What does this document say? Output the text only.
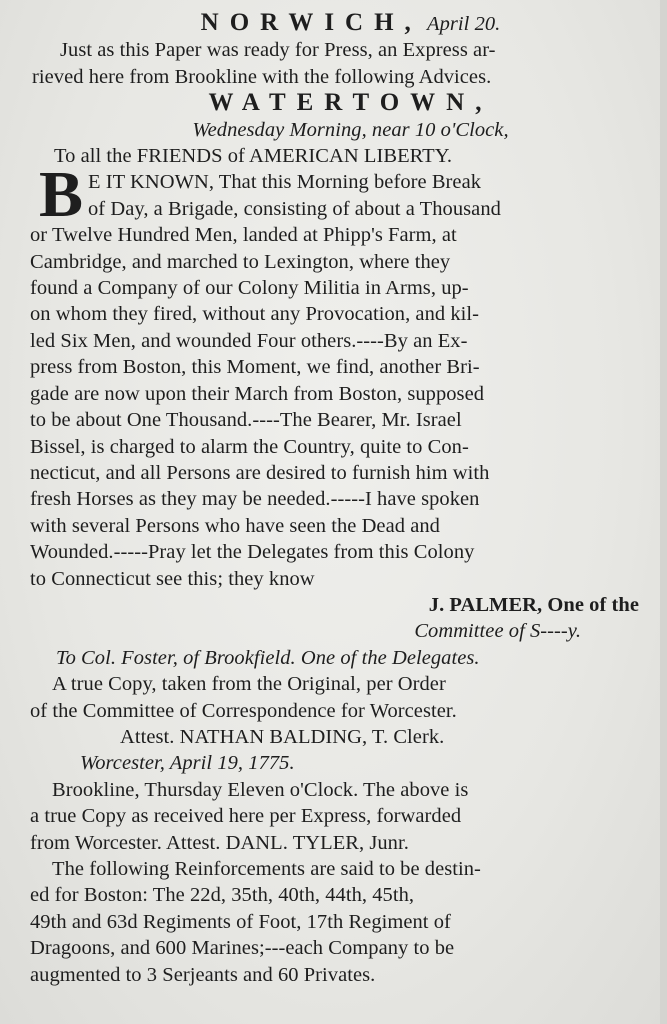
NORWICH, April 20.
Just as this Paper was ready for Press, an Express ar-
rieved here from Brookline with the following Advices.
WATERTOWN,
Wednesday Morning, near 10 o'Clock,
To all the FRIENDS of AMERICAN LIBERTY.
B E IT KNOWN, That this Morning before Break
of Day, a Brigade, consisting of about a Thousand
or Twelve Hundred Men, landed at Phipp's Farm, at
Cambridge, and marched to Lexington, where they
found a Company of our Colony Militia in Arms, up-
on whom they fired, without any Provocation, and kil-
led Six Men, and wounded Four others.----By an Ex-
press from Boston, this Moment, we find, another Bri-
gade are now upon their March from Boston, supposed
to be about One Thousand.----The Bearer, Mr. Israel
Bissel, is charged to alarm the Country, quite to Con-
necticut, and all Persons are desired to furnish him with
fresh Horses as they may be needed.-----I have spoken
with several Persons who have seen the Dead and
Wounded.-----Pray let the Delegates from this Colony
to Connecticut see this; they know
J. PALMER, One of the
Committee of S----y.
To Col. Foster, of Brookfield. One of the Delegates.
A true Copy, taken from the Original, per Order
of the Committee of Correspondence for Worcester.
Attest. NATHAN BALDING, T. Clerk.
Worcester, April 19, 1775.
Brookline, Thursday Eleven o'Clock. The above is
a true Copy as received here per Express, forwarded
from Worcester. Attest. DANL. TYLER, Junr.
The following Reinforcements are said to be destin-
ed for Boston: The 22d, 35th, 40th, 44th, 45th,
49th and 63d Regiments of Foot, 17th Regiment of
Dragoons, and 600 Marines;---each Company to be
augmented to 3 Serjeants and 60 Privates.
